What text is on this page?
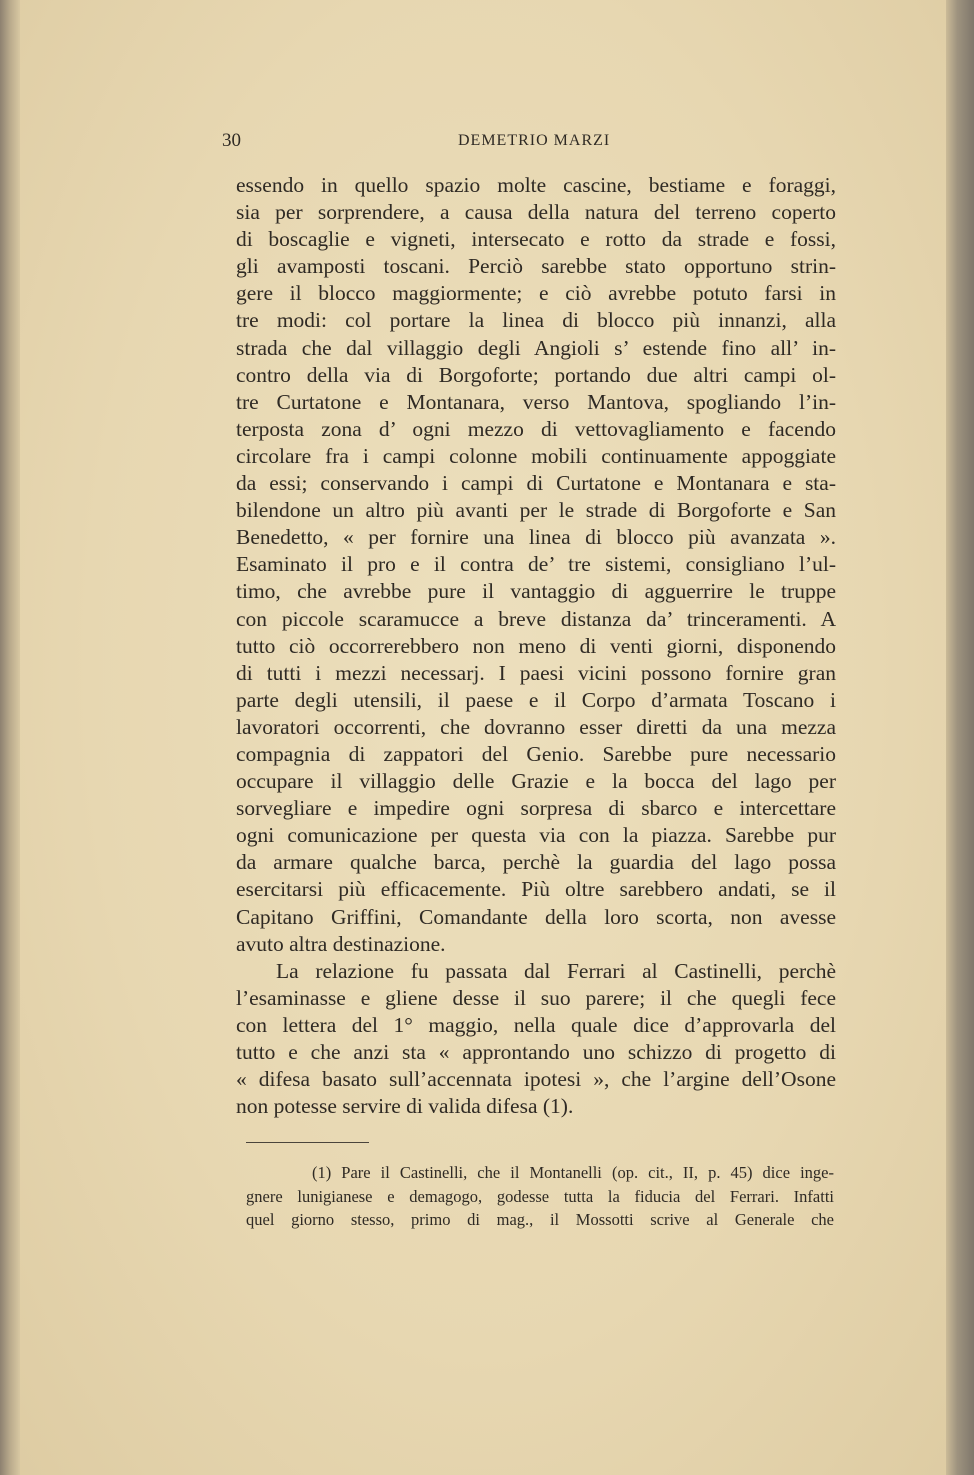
30	DEMETRIO MARZI
essendo in quello spazio molte cascine, bestiame e foraggi,
sia per sorprendere, a causa della natura del terreno coperto
di boscaglie e vigneti, intersecato e rotto da strade e fossi,
gli avamposti toscani. Perciò sarebbe stato opportuno strin-
gere il blocco maggiormente; e ciò avrebbe potuto farsi in
tre modi: col portare la linea di blocco più innanzi, alla
strada che dal villaggio degli Angioli s’ estende fino all’ in-
contro della via di Borgoforte; portando due altri campi ol-
tre Curtatone e Montanara, verso Mantova, spogliando l’in-
terposta zona d’ ogni mezzo di vettovagliamento e facendo
circolare fra i campi colonne mobili continuamente appoggiate
da essi; conservando i campi di Curtatone e Montanara e sta-
bilendone un altro più avanti per le strade di Borgoforte e San
Benedetto, « per fornire una linea di blocco più avanzata ».
Esaminato il pro e il contra de’ tre sistemi, consigliano l’ul-
timo, che avrebbe pure il vantaggio di agguerrire le truppe
con piccole scaramucce a breve distanza da’ trinceramenti. A
tutto ciò occorrerebbero non meno di venti giorni, disponendo
di tutti i mezzi necessarj. I paesi vicini possono fornire gran
parte degli utensili, il paese e il Corpo d’armata Toscano i
lavoratori occorrenti, che dovranno esser diretti da una mezza
compagnia di zappatori del Genio. Sarebbe pure necessario
occupare il villaggio delle Grazie e la bocca del lago per
sorvegliare e impedire ogni sorpresa di sbarco e intercettare
ogni comunicazione per questa via con la piazza. Sarebbe pur
da armare qualche barca, perchè la guardia del lago possa
esercitarsi più efficacemente. Più oltre sarebbero andati, se il
Capitano Griffini, Comandante della loro scorta, non avesse
avuto altra destinazione.
La relazione fu passata dal Ferrari al Castinelli, perchè
l’esaminasse e gliene desse il suo parere; il che quegli fece
con lettera del 1° maggio, nella quale dice d’approvarla del
tutto e che anzi sta « approntando uno schizzo di progetto di
« difesa basato sull’accennata ipotesi », che l’argine dell’Osone
non potesse servire di valida difesa (1).
(1) Pare il Castinelli, che il Montanelli (op. cit., II, p. 45) dice inge-
gnere lunigianese e demagogo, godesse tutta la fiducia del Ferrari. Infatti
quel giorno stesso, primo di mag., il Mossotti scrive al Generale che
